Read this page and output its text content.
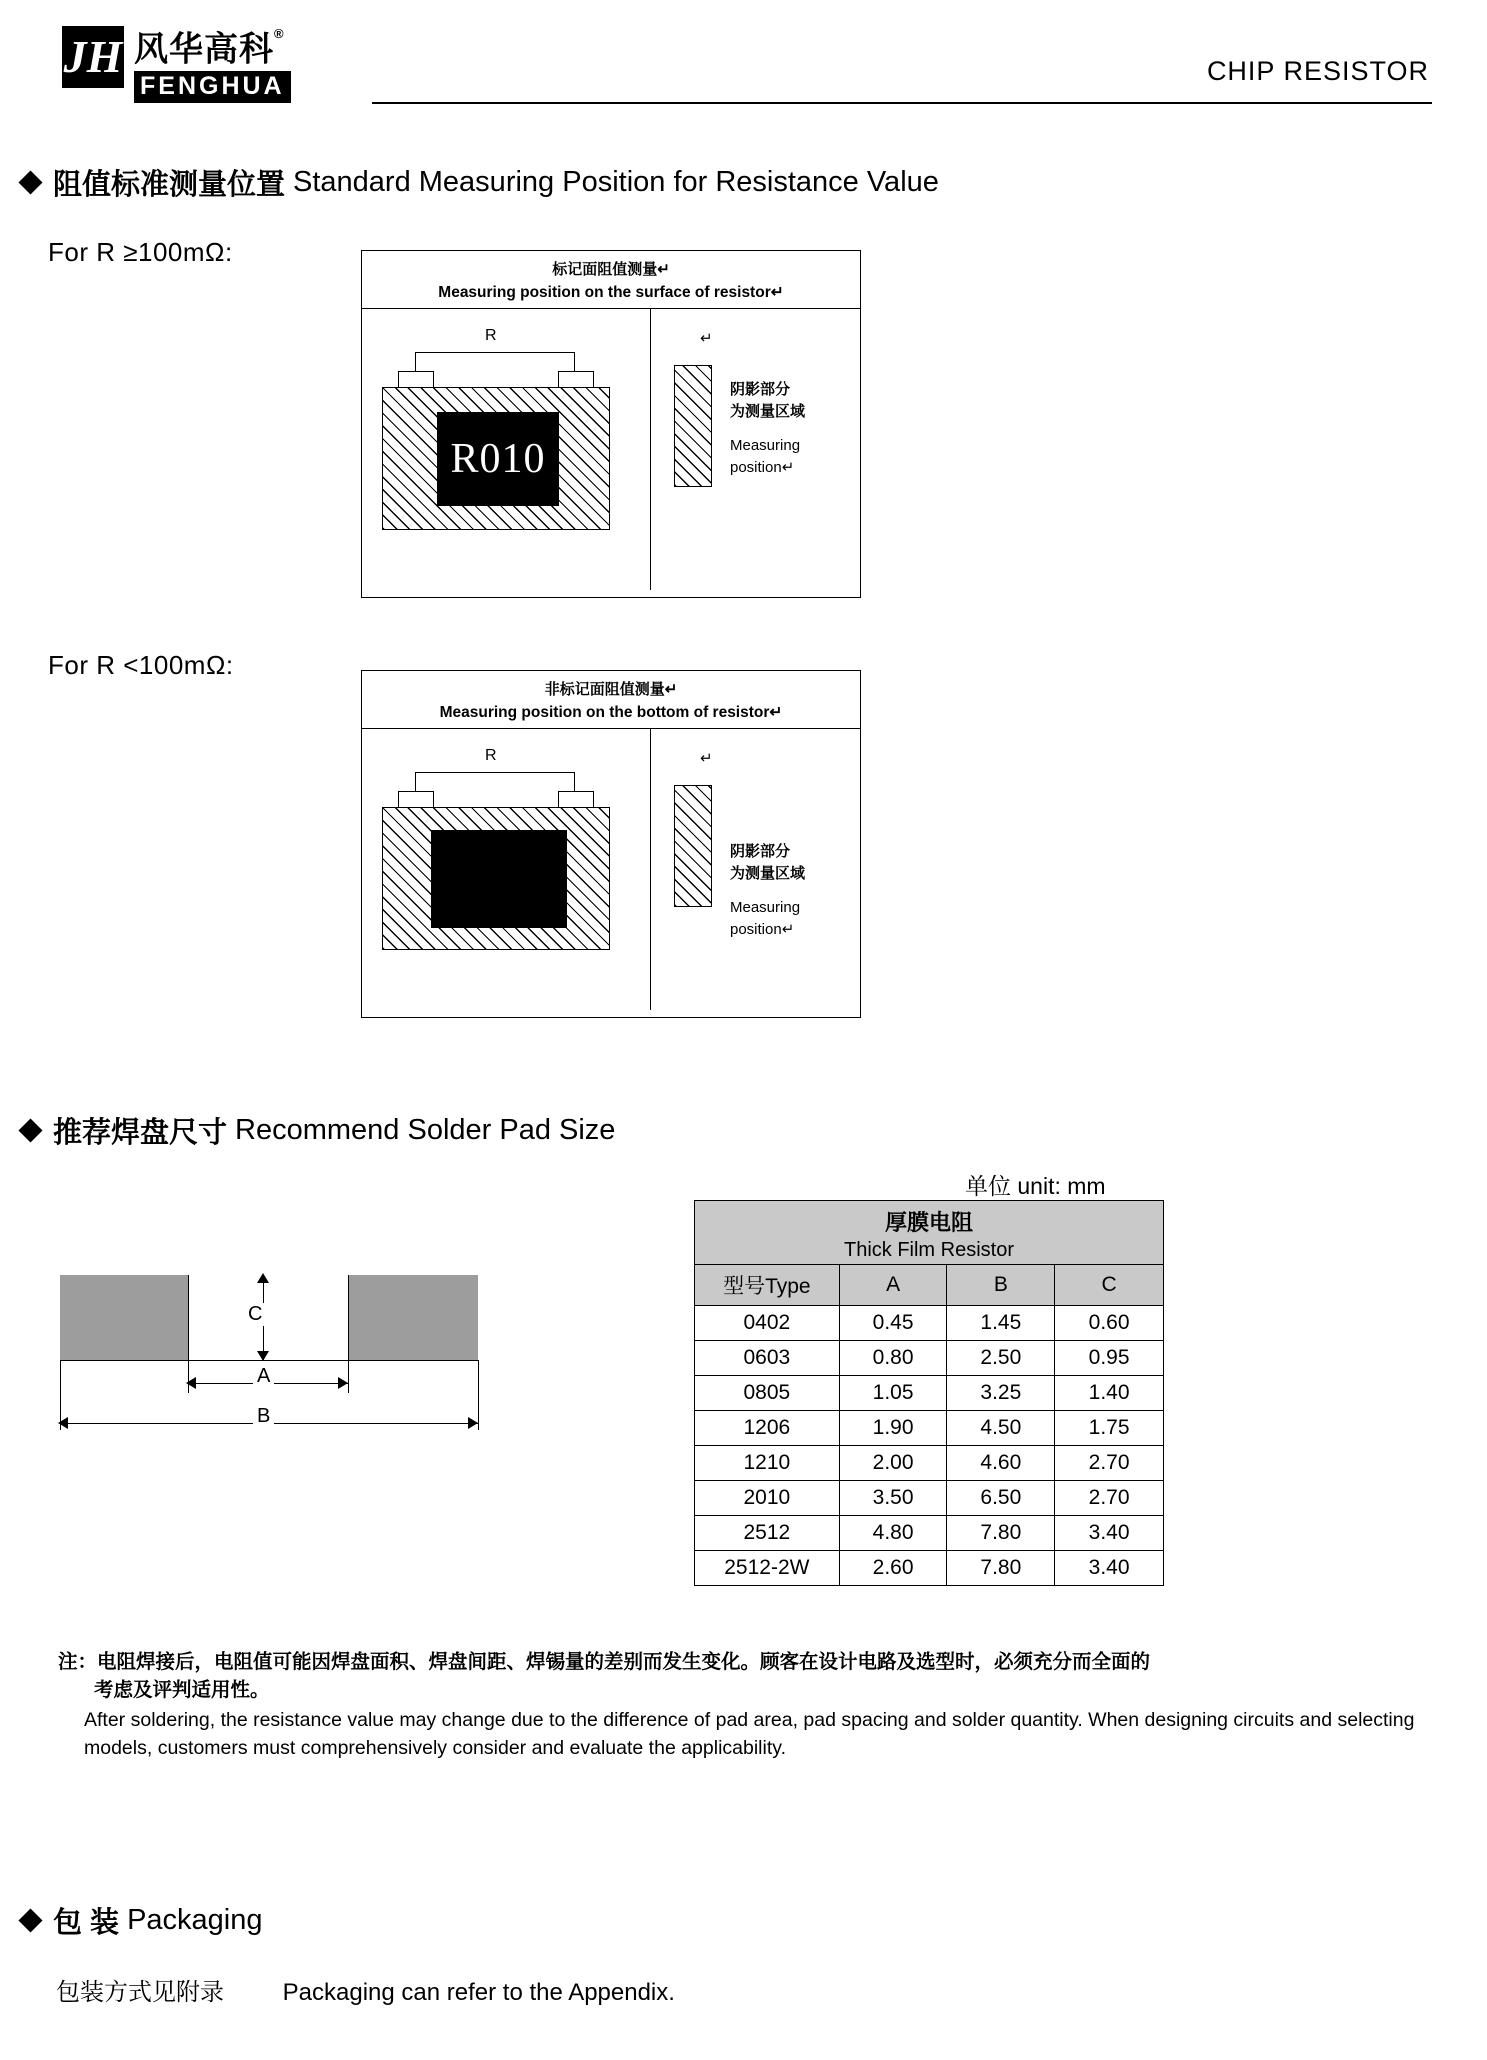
JH 风华高科®
FENGHUA
CHIP RESISTOR
阻值标准测量位置 Standard Measuring Position for Resistance Value
For R ≥100mΩ:
标记面阻值测量↵
Measuring position on the surface of resistor↵
R
R010
↵
阴影部分
为测量区域
Measuring
position↵
For R <100mΩ:
非标记面阻值测量↵
Measuring position on the bottom of resistor↵
R	↵
阴影部分
为测量区域
Measuring
position↵
推荐焊盘尺寸 Recommend Solder Pad Size
单位 unit: mm
C
A
B
厚膜电阻
Thick Film Resistor			

型号Type	A	B	C
0402	0.45	1.45	0.60
0603	0.80	2.50	0.95
0805	1.05	3.25	1.40
1206	1.90	4.50	1.75
1210	2.00	4.60	2.70
2010	3.50	6.50	2.70
2512	4.80	7.80	3.40
2512-2W	2.60	7.80	3.40
注：电阻焊接后，电阻值可能因焊盘面积、焊盘间距、焊锡量的差别而发生变化。顾客在设计电路及选型时，必须充分而全面的
考虑及评判适用性。
After soldering, the resistance value may change due to the difference of pad area, pad spacing and solder quantity. When designing circuits and selecting models, customers must comprehensively consider and evaluate the applicability.
包 装 Packaging
包装方式见附录 Packaging can refer to the Appendix.
